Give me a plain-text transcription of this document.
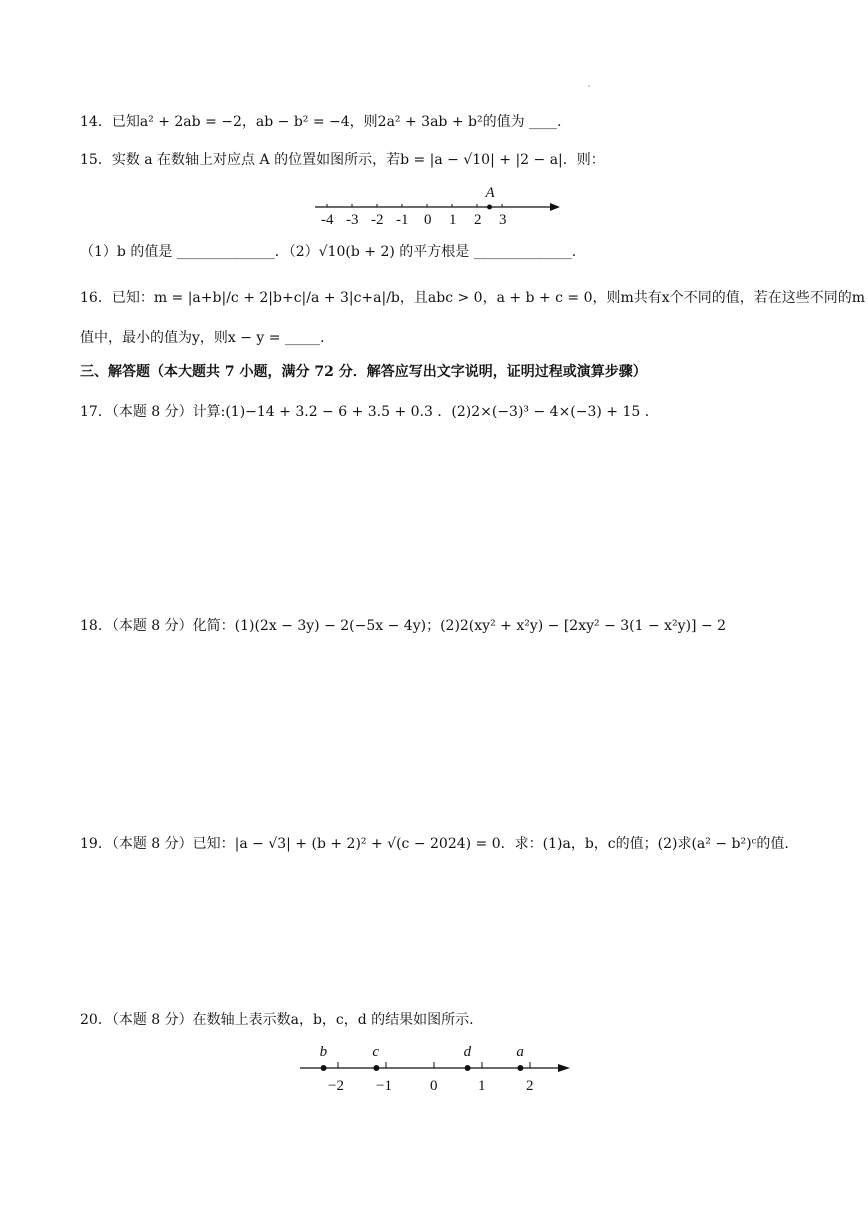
'
14．已知a² + 2ab = −2，ab − b² = −4，则2a² + 3ab + b²的值为 ____.
15．实数 a 在数轴上对应点 A 的位置如图所示，若b = |a − √10| + |2 − a|．则：
-4 -3 -2 -1 0 1 2 3
A
（1）b 的值是 ______________．（2）√10(b + 2) 的平方根是 ______________.
16．已知：m = |a+b|/c + 2|b+c|/a + 3|c+a|/b，且abc > 0，a + b + c = 0，则m共有x个不同的值，若在这些不同的m
值中，最小的值为y，则x − y = _____.
三、解答题（本大题共 7 小题，满分 72 分．解答应写出文字说明，证明过程或演算步骤）
17．（本题 8 分）计算:(1)−14 + 3.2 − 6 + 3.5 + 0.3 ．(2)2×(−3)³ − 4×(−3) + 15 ．
18．（本题 8 分）化简：(1)(2x − 3y) − 2(−5x − 4y)；(2)2(xy² + x²y) − [2xy² − 3(1 − x²y)] − 2
19．（本题 8 分）已知：|a − √3| + (b + 2)² + √(c − 2024) = 0．求：(1)a，b，c的值；(2)求(a² − b²)ᶜ的值.
20．（本题 8 分）在数轴上表示数a，b，c，d 的结果如图所示.
−2 −1	0	1	2
b	c	d	a
